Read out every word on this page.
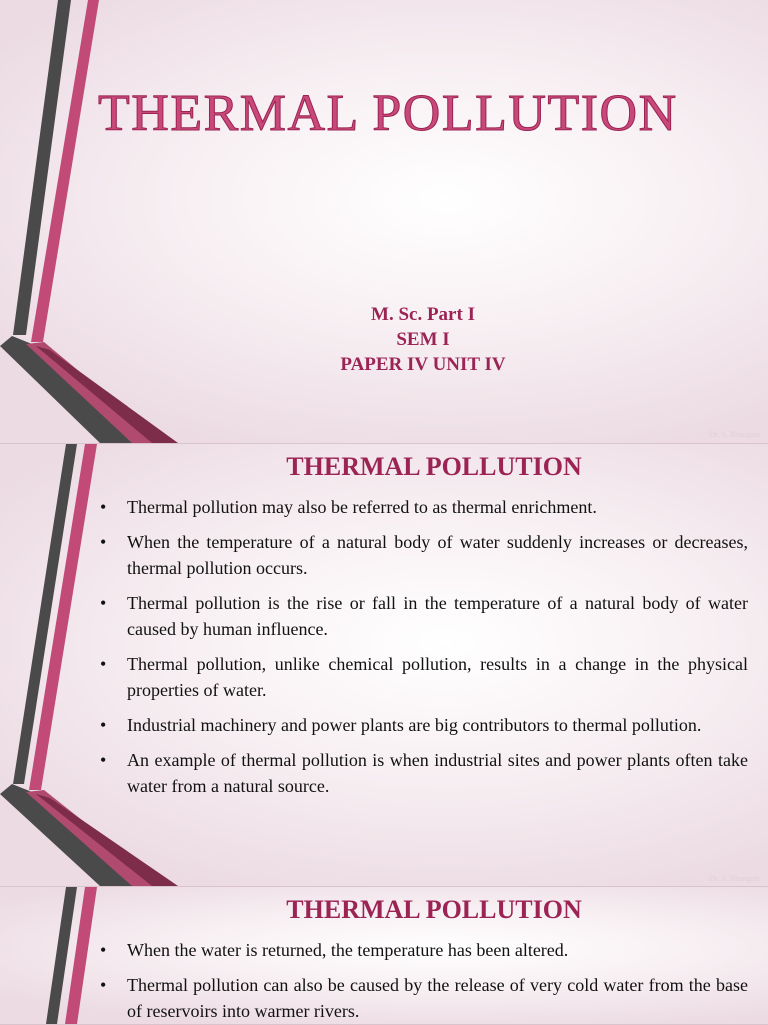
THERMAL POLLUTION
M. Sc. Part I
SEM I
PAPER IV UNIT IV
Dr. S. Bhangale
THERMAL POLLUTION
• Thermal pollution may also be referred to as thermal enrichment.
• When the temperature of a natural body of water suddenly increases or decreases, thermal pollution occurs.
• Thermal pollution is the rise or fall in the temperature of a natural body of water caused by human influence.
• Thermal pollution, unlike chemical pollution, results in a change in the physical properties of water.
• Industrial machinery and power plants are big contributors to thermal pollution.
• An example of thermal pollution is when industrial sites and power plants often take water from a natural source.
Dr. S. Bhangale
THERMAL POLLUTION
• When the water is returned, the temperature has been altered.
• Thermal pollution can also be caused by the release of very cold water from the base of reservoirs into warmer rivers.
